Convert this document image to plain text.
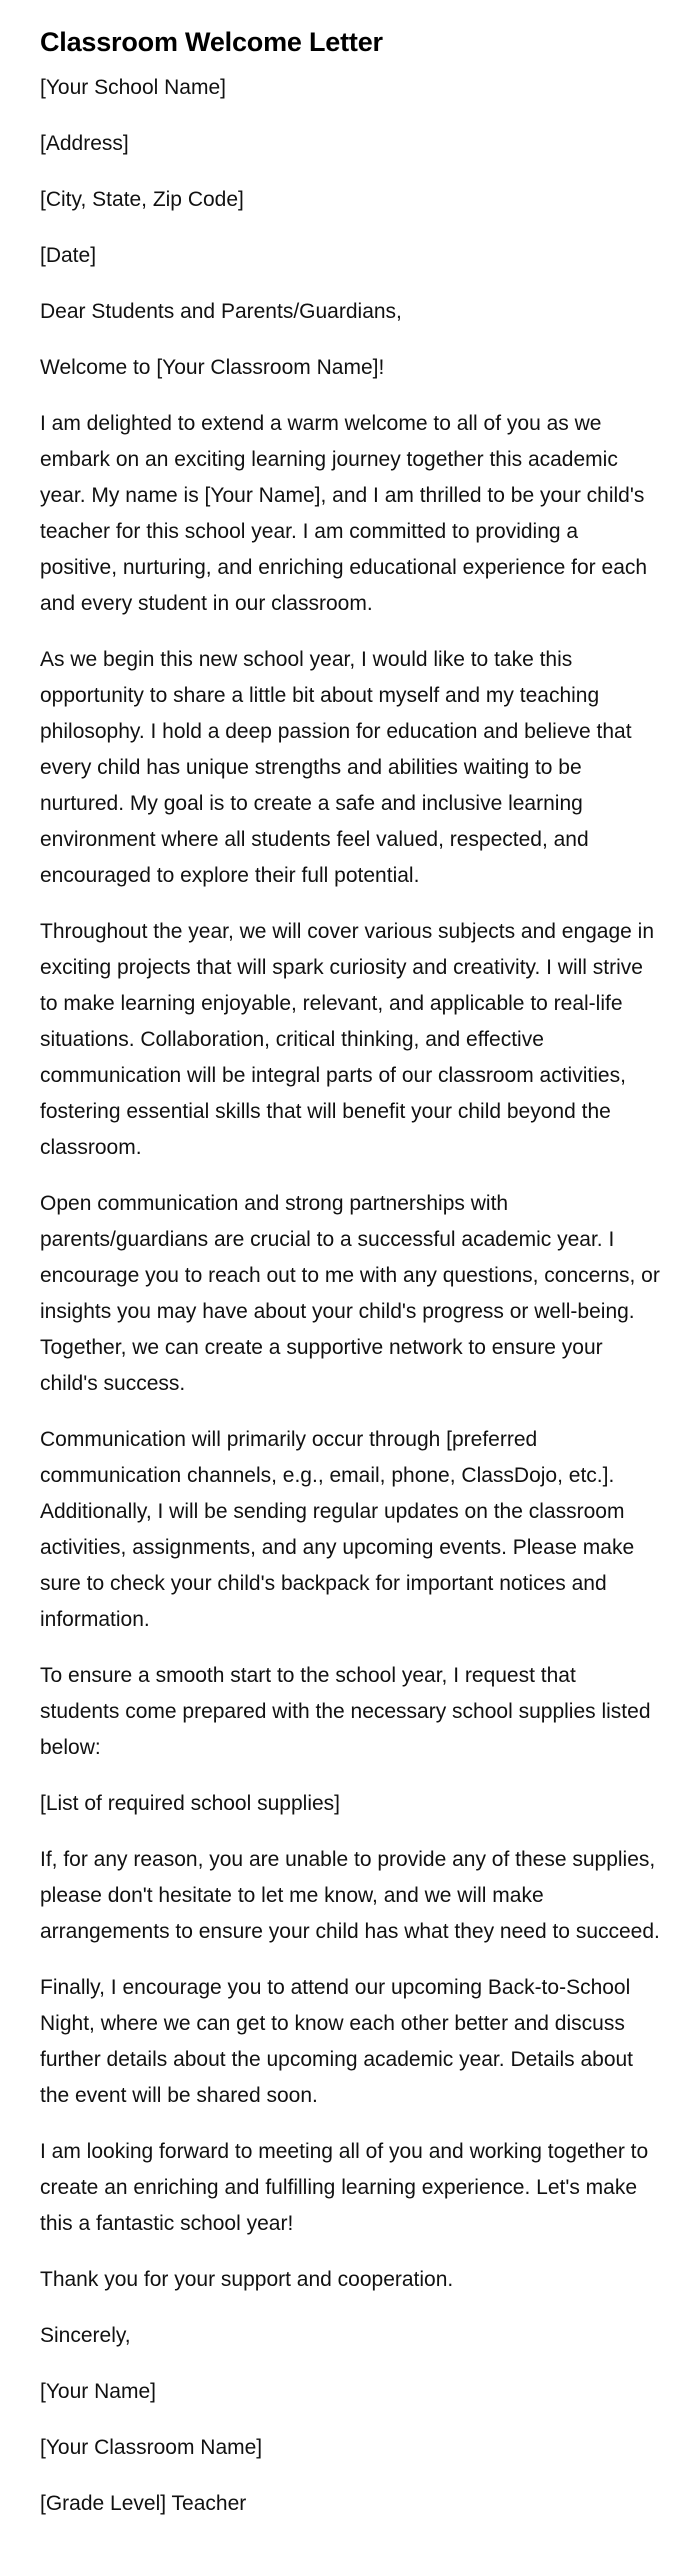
Classroom Welcome Letter
[Your School Name]
[Address]
[City, State, Zip Code]
[Date]
Dear Students and Parents/Guardians,
Welcome to [Your Classroom Name]!

I am delighted to extend a warm welcome to all of you as we embark on an exciting learning journey together this academic year. My name is [Your Name], and I am thrilled to be your child's teacher for this school year. I am committed to providing a positive, nurturing, and enriching educational experience for each and every student in our classroom.

As we begin this new school year, I would like to take this opportunity to share a little bit about myself and my teaching philosophy. I hold a deep passion for education and believe that every child has unique strengths and abilities waiting to be nurtured. My goal is to create a safe and inclusive learning environment where all students feel valued, respected, and encouraged to explore their full potential.

Throughout the year, we will cover various subjects and engage in exciting projects that will spark curiosity and creativity. I will strive to make learning enjoyable, relevant, and applicable to real-life situations. Collaboration, critical thinking, and effective communication will be integral parts of our classroom activities, fostering essential skills that will benefit your child beyond the classroom.

Open communication and strong partnerships with parents/guardians are crucial to a successful academic year. I encourage you to reach out to me with any questions, concerns, or insights you may have about your child's progress or well-being. Together, we can create a supportive network to ensure your child's success.

Communication will primarily occur through [preferred communication channels, e.g., email, phone, ClassDojo, etc.]. Additionally, I will be sending regular updates on the classroom activities, assignments, and any upcoming events. Please make sure to check your child's backpack for important notices and information.

To ensure a smooth start to the school year, I request that students come prepared with the necessary school supplies listed below:

[List of required school supplies]

If, for any reason, you are unable to provide any of these supplies, please don't hesitate to let me know, and we will make arrangements to ensure your child has what they need to succeed.

Finally, I encourage you to attend our upcoming Back-to-School Night, where we can get to know each other better and discuss further details about the upcoming academic year. Details about the event will be shared soon.

I am looking forward to meeting all of you and working together to create an enriching and fulfilling learning experience. Let's make this a fantastic school year!

Thank you for your support and cooperation.

Sincerely,
[Your Name]
[Your Classroom Name]
[Grade Level] Teacher
